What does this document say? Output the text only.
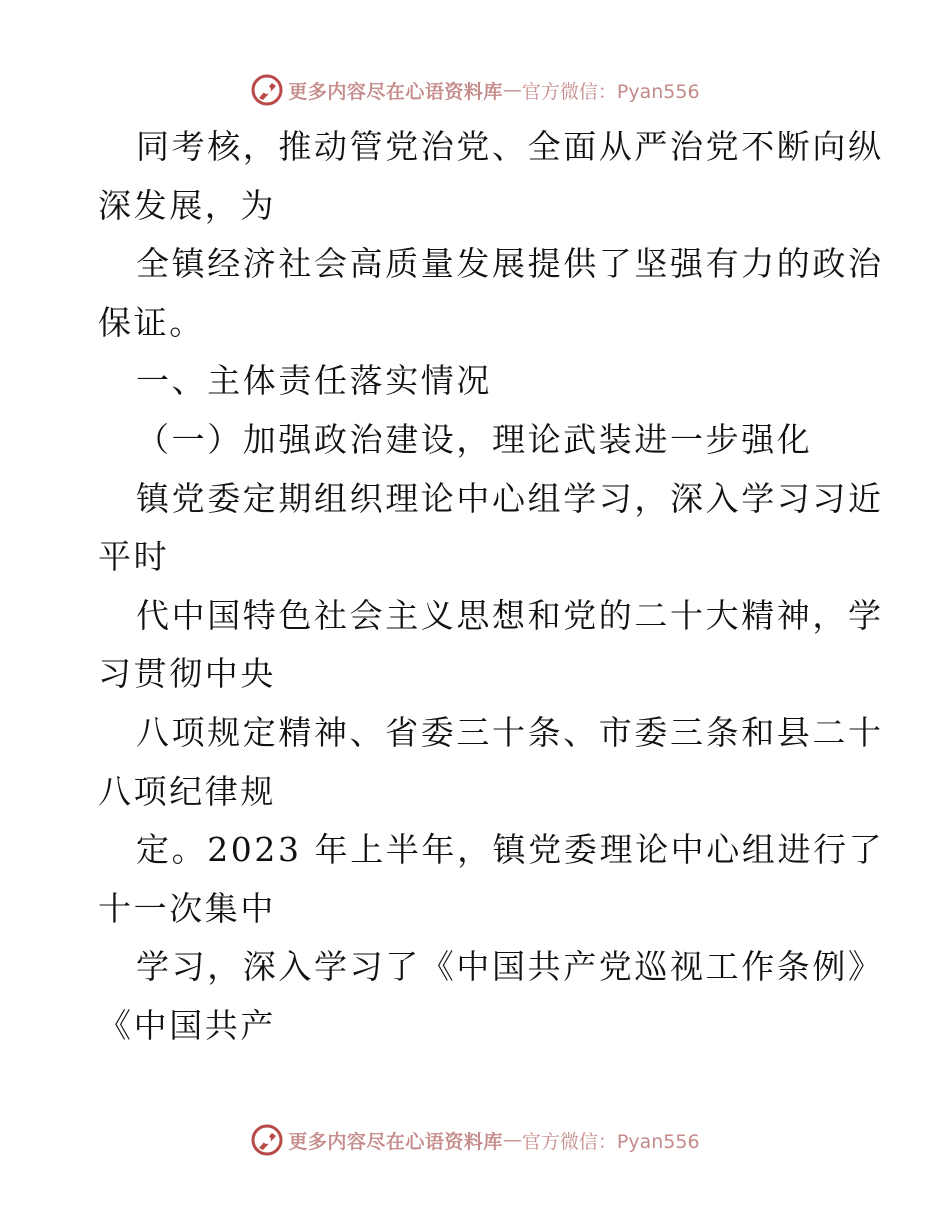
更多内容尽在心语资料库 — 官方微信：Pyan556
同考核，推动管党治党、全面从严治党不断向纵
深发展，为
全镇经济社会高质量发展提供了坚强有力的政治
保证。
一、主体责任落实情况
（一）加强政治建设，理论武装进一步强化
镇党委定期组织理论中心组学习，深入学习习近
平时
代中国特色社会主义思想和党的二十大精神，学
习贯彻中央
八项规定精神、省委三十条、市委三条和县二十
八项纪律规
定。2023 年上半年，镇党委理论中心组进行了
十一次集中
学习，深入学习了《中国共产党巡视工作条例》
《中国共产
更多内容尽在心语资料库 — 官方微信：Pyan556
